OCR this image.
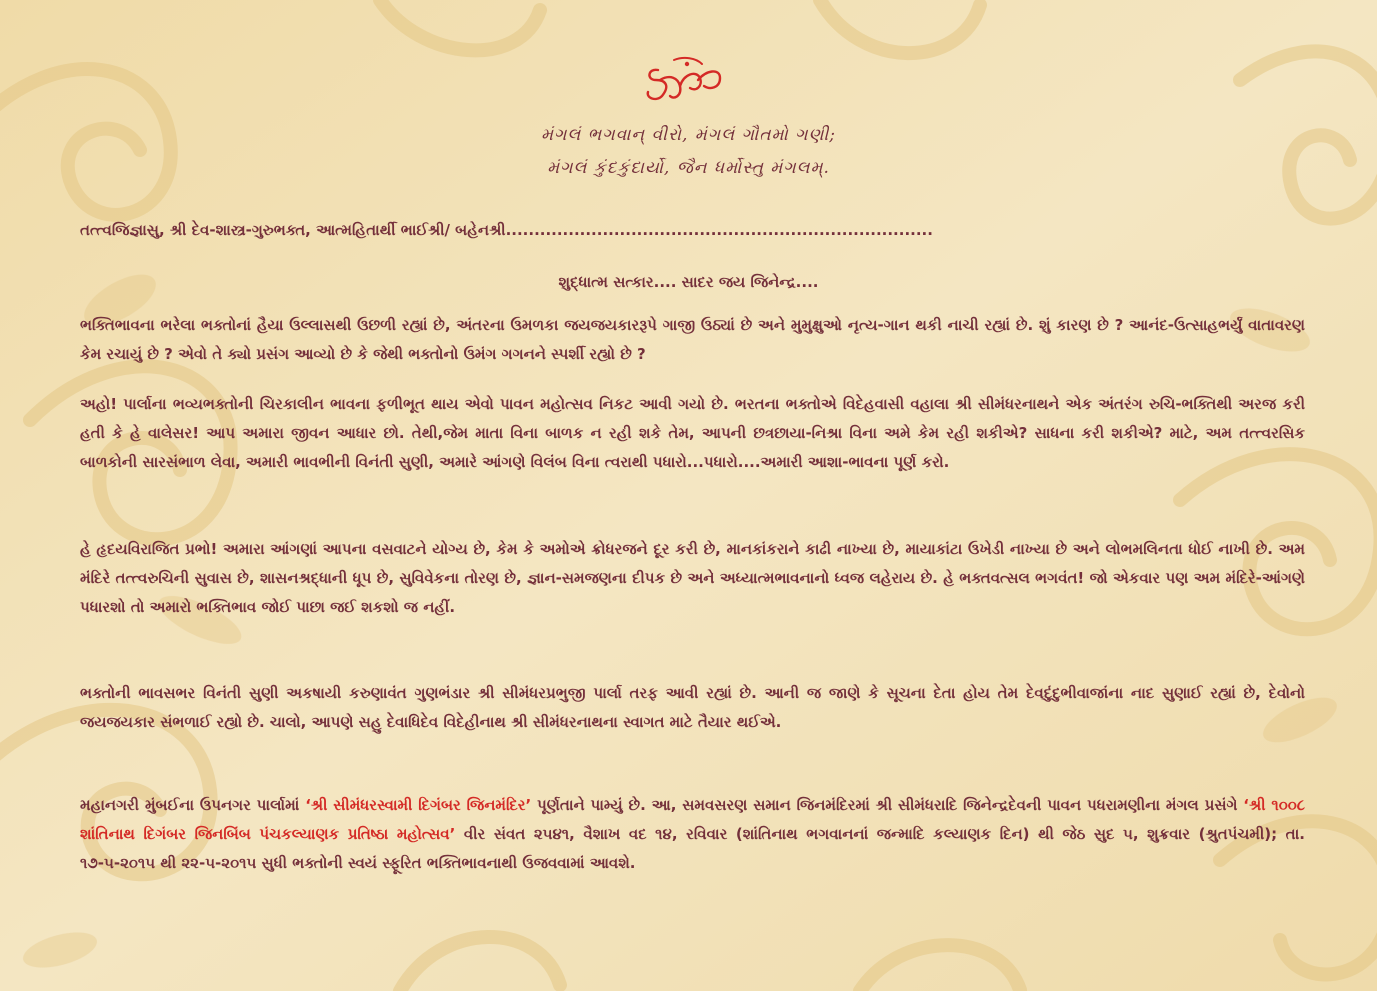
મંગલં ભગવાન્ વીરો, મંગલં ગૌતમો ગણી;
મંગલં કુંદકુંદાર્યો, જૈન ધર્મોસ્તુ મંગલમ્.

તત્ત્વજિજ્ઞાસુ, શ્રી દેવ-શાસ્ત્ર-ગુરુભક્ત, આત્મહિતાર્થી ભાઈશ્રી/ બહેનશ્રી...........................................................................

શુદ્ધાત્મ સત્કાર.... સાદર જય જિનેન્દ્ર....

ભક્તિભાવના ભરેલા ભક્તોનાં હૈયા ઉલ્લાસથી ઉછળી રહ્યાં છે, અંતરના ઉમળકા જયજયકારરૂપે ગાજી ઉઠ્યાં છે અને મુમુક્ષુઓ નૃત્ય-ગાન થકી નાચી રહ્યાં છે. શું કારણ છે ? આનંદ-ઉત્સાહભર્યું વાતાવરણ કેમ રચાયું છે ? એવો તે ક્યો પ્રસંગ આવ્યો છે કે જેથી ભક્તોનો ઉમંગ ગગનને સ્પર્શી રહ્યો છે ?

અહો! પાર્લાના ભવ્યભક્તોની ચિરકાલીન ભાવના ફળીભૂત થાય એવો પાવન મહોત્સવ નિકટ આવી ગયો છે. ભરતના ભક્તોએ વિદેહવાસી વહાલા શ્રી સીમંધરનાથને એક અંતરંગ રુચિ-ભક્તિથી અરજ કરી હતી કે હે વાલેસર! આપ અમારા જીવન આધાર છો. તેથી,જેમ માતા વિના બાળક ન રહી શકે તેમ, આપની છત્રછાયા-નિશ્રા વિના અમે કેમ રહી શકીએ? સાધના કરી શકીએ? માટે, અમ તત્ત્વરસિક બાળકોની સારસંભાળ લેવા, અમારી ભાવભીની વિનંતી સુણી, અમારે આંગણે વિલંબ વિના ત્વરાથી પધારો...પધારો....અમારી આશા-ભાવના પૂર્ણ કરો.

હે હૃદયવિરાજિત પ્રભો! અમારા આંગણાં આપના વસવાટને યોગ્ય છે, કેમ કે અમોએ ક્રોધરજને દૂર કરી છે, માનકાંકરાને કાઢી નાખ્યા છે, માયાકાંટા ઉખેડી નાખ્યા છે અને લોભમલિનતા ધોઈ નાખી છે. અમ મંદિરે તત્ત્વરુચિની સુવાસ છે, શાસનશ્રદ્ધાની ધૂપ છે, સુવિવેકના તોરણ છે, જ્ઞાન-સમજણના દીપક છે અને અધ્યાત્મભાવનાનો ધ્વજ લહેરાય છે. હે ભક્તવત્સલ ભગવંત! જો એકવાર પણ અમ મંદિરે-આંગણે પધારશો તો અમારો ભક્તિભાવ જોઈ પાછા જઈ શકશો જ નહીં.

ભક્તોની ભાવસભર વિનંતી સુણી અકષાયી કરુણાવંત ગુણભંડાર શ્રી સીમંધરપ્રભુજી પાર્લા તરફ આવી રહ્યાં છે. આની જ જાણે કે સૂચના દેતા હોય તેમ દેવદુંદુભીવાજાંના નાદ સુણાઈ રહ્યાં છે, દેવોનો જયજયકાર સંભળાઈ રહ્યો છે. ચાલો, આપણે સહુ દેવાધિદેવ વિદેહીનાથ શ્રી સીમંધરનાથના સ્વાગત માટે તૈયાર થઈએ.

મહાનગરી મુંબઈના ઉપનગર પાર્લામાં ‘શ્રી સીમંધરસ્વામી દિગંબર જિનમંદિર’ પૂર્ણતાને પામ્યું છે. આ, સમવસરણ સમાન જિનમંદિરમાં શ્રી સીમંધરાદિ જિનેન્દ્રદેવની પાવન પધરામણીના મંગલ પ્રસંગે ‘શ્રી ૧૦૦૮ શાંતિનાથ દિગંબર જિનબિંબ પંચકલ્યાણક પ્રતિષ્ઠા મહોત્સવ’ વીર સંવત ૨૫૪૧, વૈશાખ વદ ૧૪, રવિવાર (શાંતિનાથ ભગવાનનાં જન્માદિ કલ્યાણક દિન) થી જેઠ સુદ ૫, શુક્રવાર (શ્રુતપંચમી); તા. ૧૭-૫-૨૦૧૫ થી ૨૨-૫-૨૦૧૫ સુધી ભક્તોની સ્વયં સ્ફૂરિત ભક્તિભાવનાથી ઉજવવામાં આવશે.
